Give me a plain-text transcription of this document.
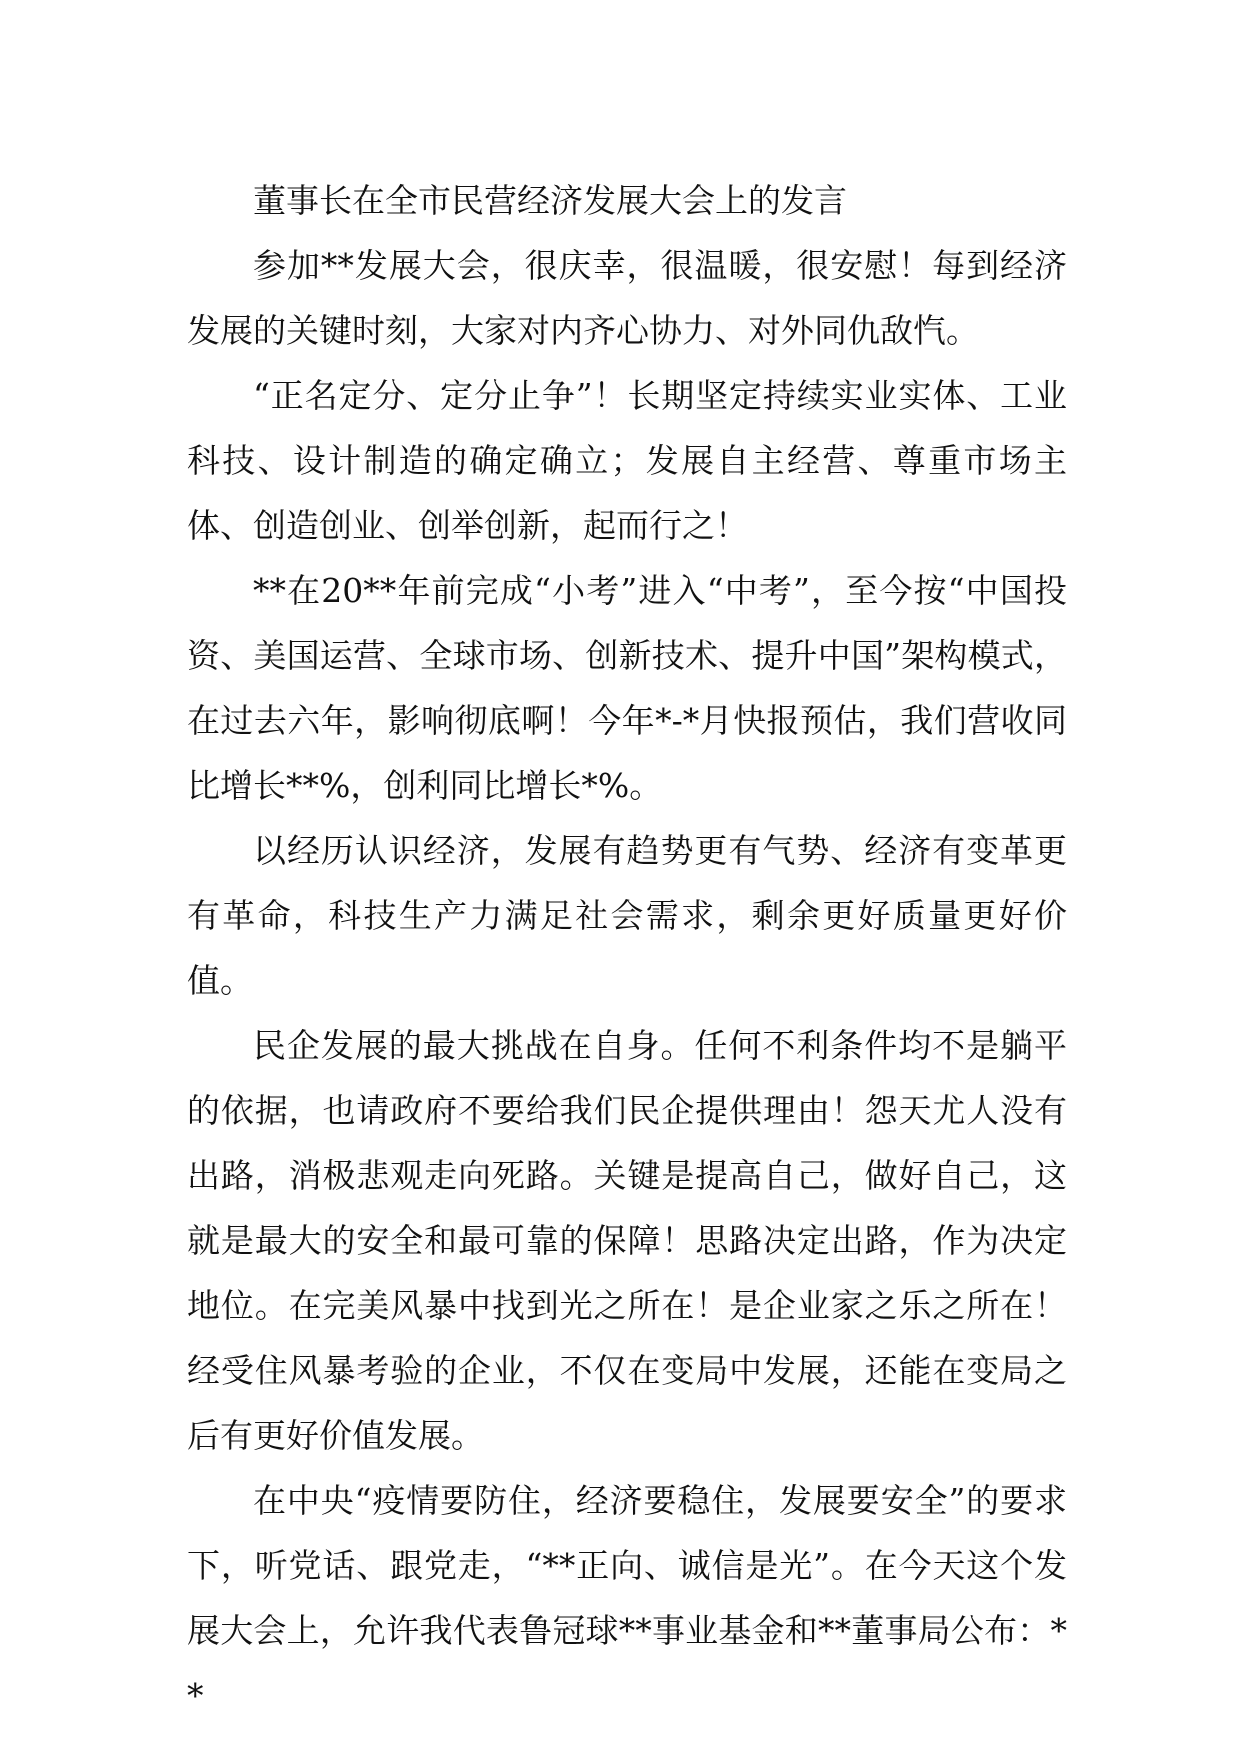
董事长在全市民营经济发展大会上的发言

参加**发展大会，很庆幸，很温暖，很安慰！每到经济发展的关键时刻，大家对内齐心协力、对外同仇敌忾。

“正名定分、定分止争”！长期坚定持续实业实体、工业科技、设计制造的确定确立；发展自主经营、尊重市场主体、创造创业、创举创新，起而行之！

**在20**年前完成“小考”进入“中考”，至今按“中国投资、美国运营、全球市场、创新技术、提升中国”架构模式，在过去六年，影响彻底啊！今年*-*月快报预估，我们营收同比增长**%，创利同比增长*%。

以经历认识经济，发展有趋势更有气势、经济有变革更有革命，科技生产力满足社会需求，剩余更好质量更好价值。

民企发展的最大挑战在自身。任何不利条件均不是躺平的依据，也请政府不要给我们民企提供理由！怨天尤人没有出路，消极悲观走向死路。关键是提高自己，做好自己，这就是最大的安全和最可靠的保障！思路决定出路，作为决定地位。在完美风暴中找到光之所在！是企业家之乐之所在！经受住风暴考验的企业，不仅在变局中发展，还能在变局之后有更好价值发展。

在中央“疫情要防住，经济要稳住，发展要安全”的要求下，听党话、跟党走，“**正向、诚信是光”。在今天这个发展大会上，允许我代表鲁冠球**事业基金和**董事局公布：**
